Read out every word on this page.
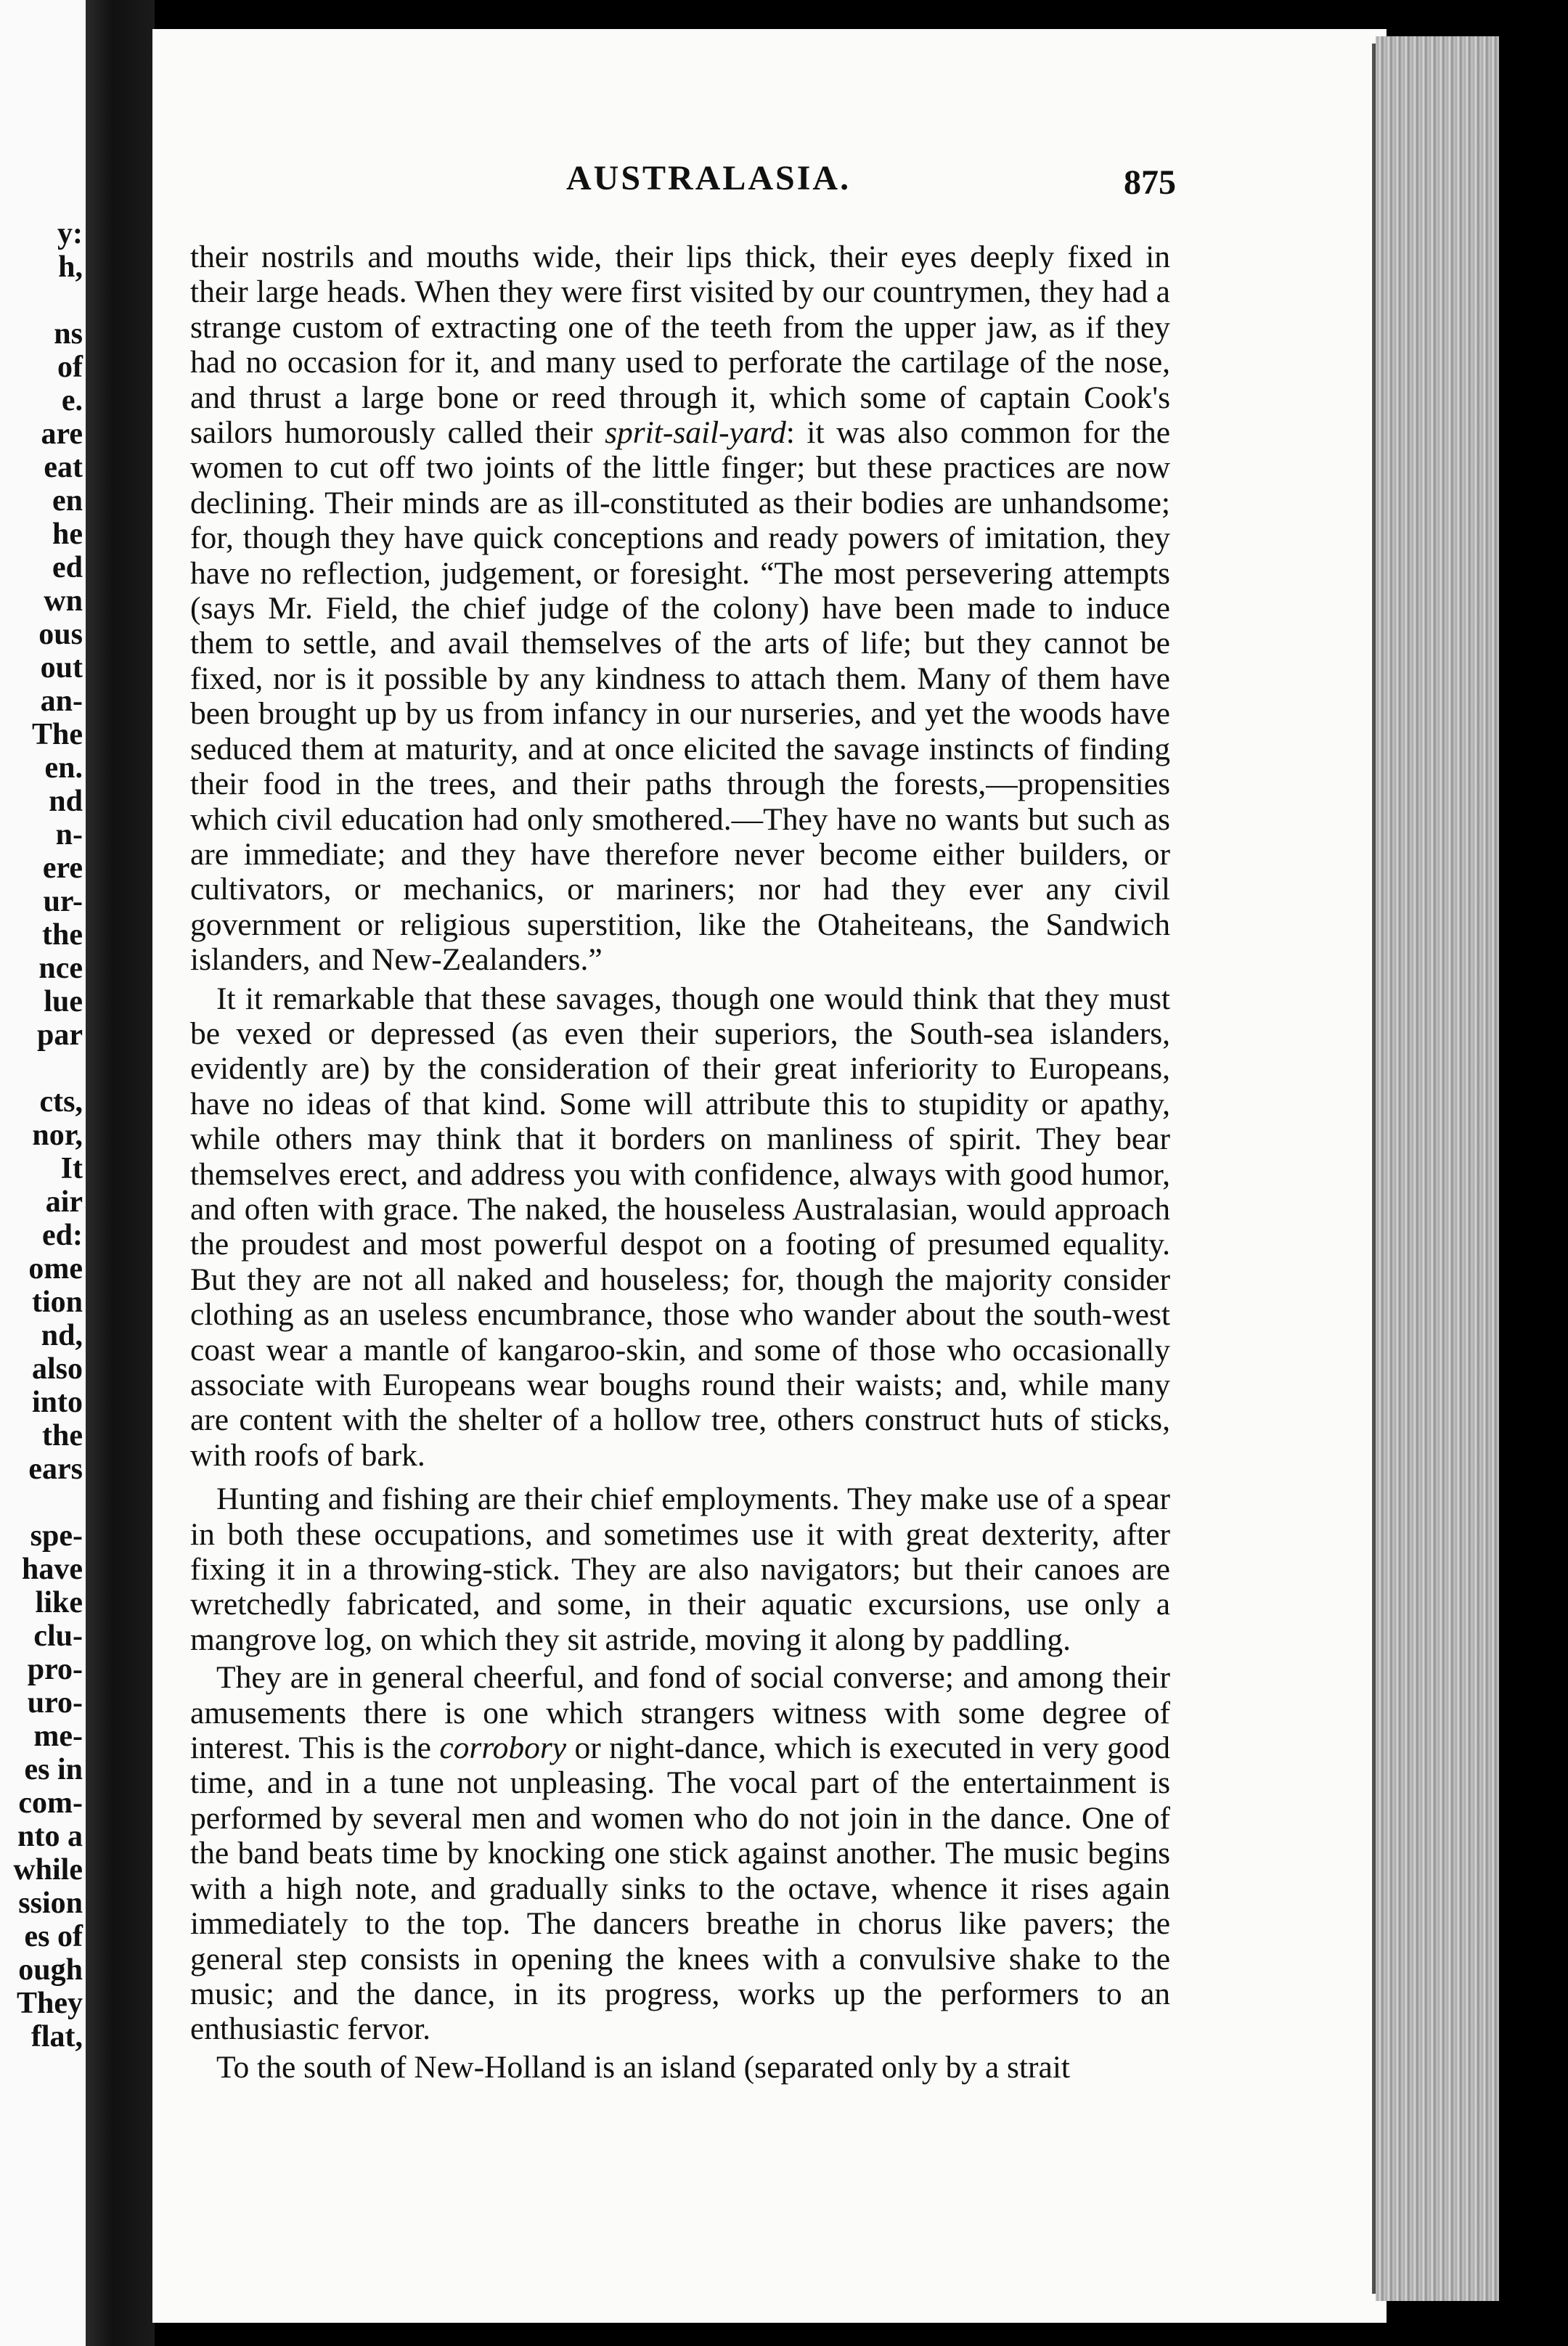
y:
h,
ns
of
e.
are
eat
en
he
ed
wn
ous
out
an-
The
en.
nd
n-
ere
ur-
the
nce
lue
par
cts,
nor,
It
air
ed:
ome
tion
nd,
also
into
the
ears
spe-
have
like
clu-
pro-
uro-
me-
es in
com-
nto a
while
ssion
es of
ough
They
flat,
AUSTRALASIA.	875

their nostrils and mouths wide, their lips thick, their eyes deeply fixed in their large heads. When they were first visited by our countrymen, they had a strange custom of extracting one of the teeth from the upper jaw, as if they had no occasion for it, and many used to perforate the cartilage of the nose, and thrust a large bone or reed through it, which some of captain Cook's sailors humorously called their sprit-sail-yard: it was also common for the women to cut off two joints of the little finger; but these practices are now declining. Their minds are as ill-constituted as their bodies are unhandsome; for, though they have quick conceptions and ready powers of imitation, they have no reflection, judgement, or foresight. “The most persevering attempts (says Mr. Field, the chief judge of the colony) have been made to induce them to settle, and avail themselves of the arts of life; but they cannot be fixed, nor is it possible by any kindness to attach them. Many of them have been brought up by us from infancy in our nurseries, and yet the woods have seduced them at maturity, and at once elicited the savage instincts of finding their food in the trees, and their paths through the forests,—propensities which civil education had only smothered.—They have no wants but such as are immediate; and they have therefore never become either builders, or cultivators, or mechanics, or mariners; nor had they ever any civil government or religious superstition, like the Otaheiteans, the Sandwich islanders, and New-Zealanders.”

It it remarkable that these savages, though one would think that they must be vexed or depressed (as even their superiors, the South-sea islanders, evidently are) by the consideration of their great inferiority to Europeans, have no ideas of that kind. Some will attribute this to stupidity or apathy, while others may think that it borders on manliness of spirit. They bear themselves erect, and address you with confidence, always with good humor, and often with grace. The naked, the houseless Australasian, would approach the proudest and most powerful despot on a footing of presumed equality. But they are not all naked and houseless; for, though the majority consider clothing as an useless encumbrance, those who wander about the south-west coast wear a mantle of kangaroo-skin, and some of those who occasionally associate with Europeans wear boughs round their waists; and, while many are content with the shelter of a hollow tree, others construct huts of sticks, with roofs of bark.

Hunting and fishing are their chief employments. They make use of a spear in both these occupations, and sometimes use it with great dexterity, after fixing it in a throwing-stick. They are also navigators; but their canoes are wretchedly fabricated, and some, in their aquatic excursions, use only a mangrove log, on which they sit astride, moving it along by paddling.

They are in general cheerful, and fond of social converse; and among their amusements there is one which strangers witness with some degree of interest. This is the corrobory or night-dance, which is executed in very good time, and in a tune not unpleasing. The vocal part of the entertainment is performed by several men and women who do not join in the dance. One of the band beats time by knocking one stick against another. The music begins with a high note, and gradually sinks to the octave, whence it rises again immediately to the top. The dancers breathe in chorus like pavers; the general step consists in opening the knees with a convulsive shake to the music; and the dance, in its progress, works up the performers to an enthusiastic fervor.

To the south of New-Holland is an island (separated only by a strait
